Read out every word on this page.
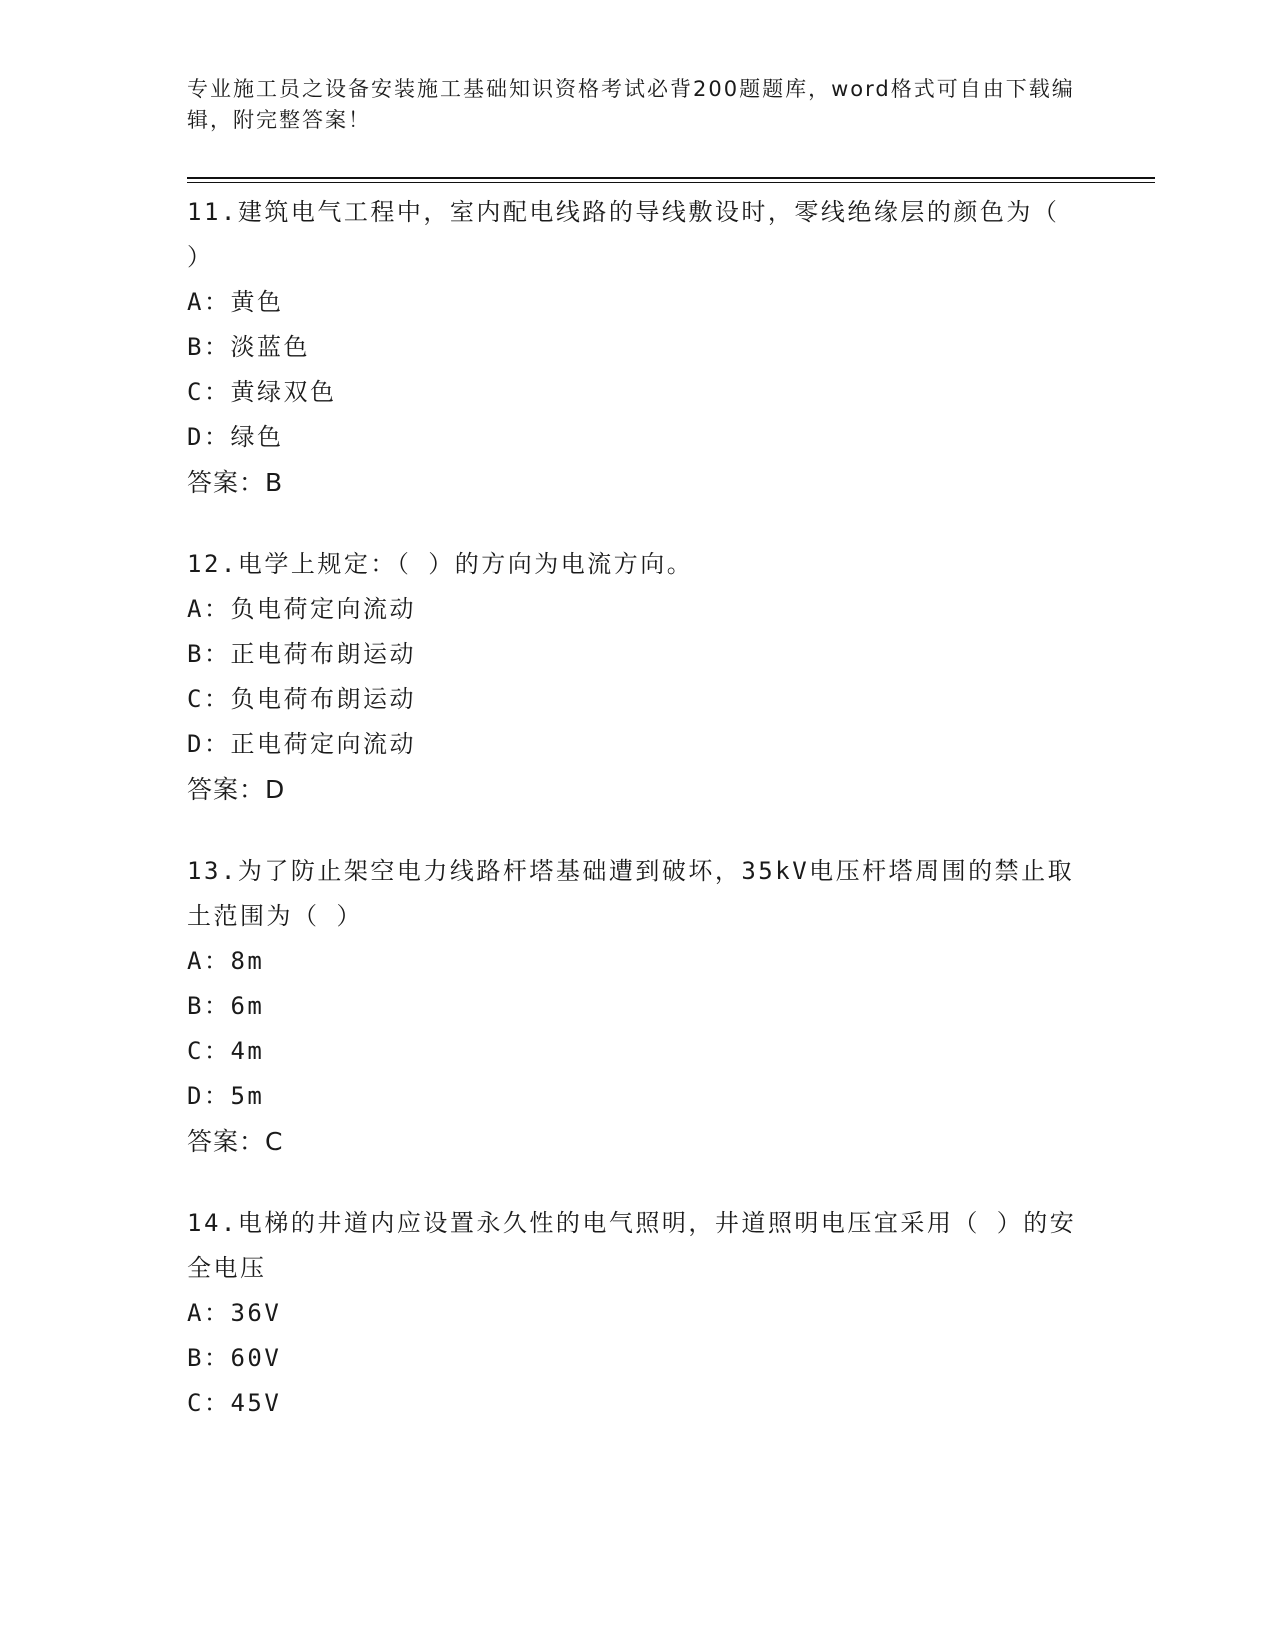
专业施工员之设备安装施工基础知识资格考试必背200题题库，word格式可自由下载编辑，附完整答案！

11.建筑电气工程中，室内配电线路的导线敷设时，零线绝缘层的颜色为（ ）

A：黄色

B：淡蓝色

C：黄绿双色

D：绿色

答案：B

12.电学上规定：（ ）的方向为电流方向。

A：负电荷定向流动

B：正电荷布朗运动

C：负电荷布朗运动

D：正电荷定向流动

答案：D

13.为了防止架空电力线路杆塔基础遭到破坏，35kV电压杆塔周围的禁止取土范围为（ ）

A：8m

B：6m

C：4m

D：5m

答案：C

14.电梯的井道内应设置永久性的电气照明，井道照明电压宜采用（ ）的安全电压

A：36V

B：60V

C：45V
